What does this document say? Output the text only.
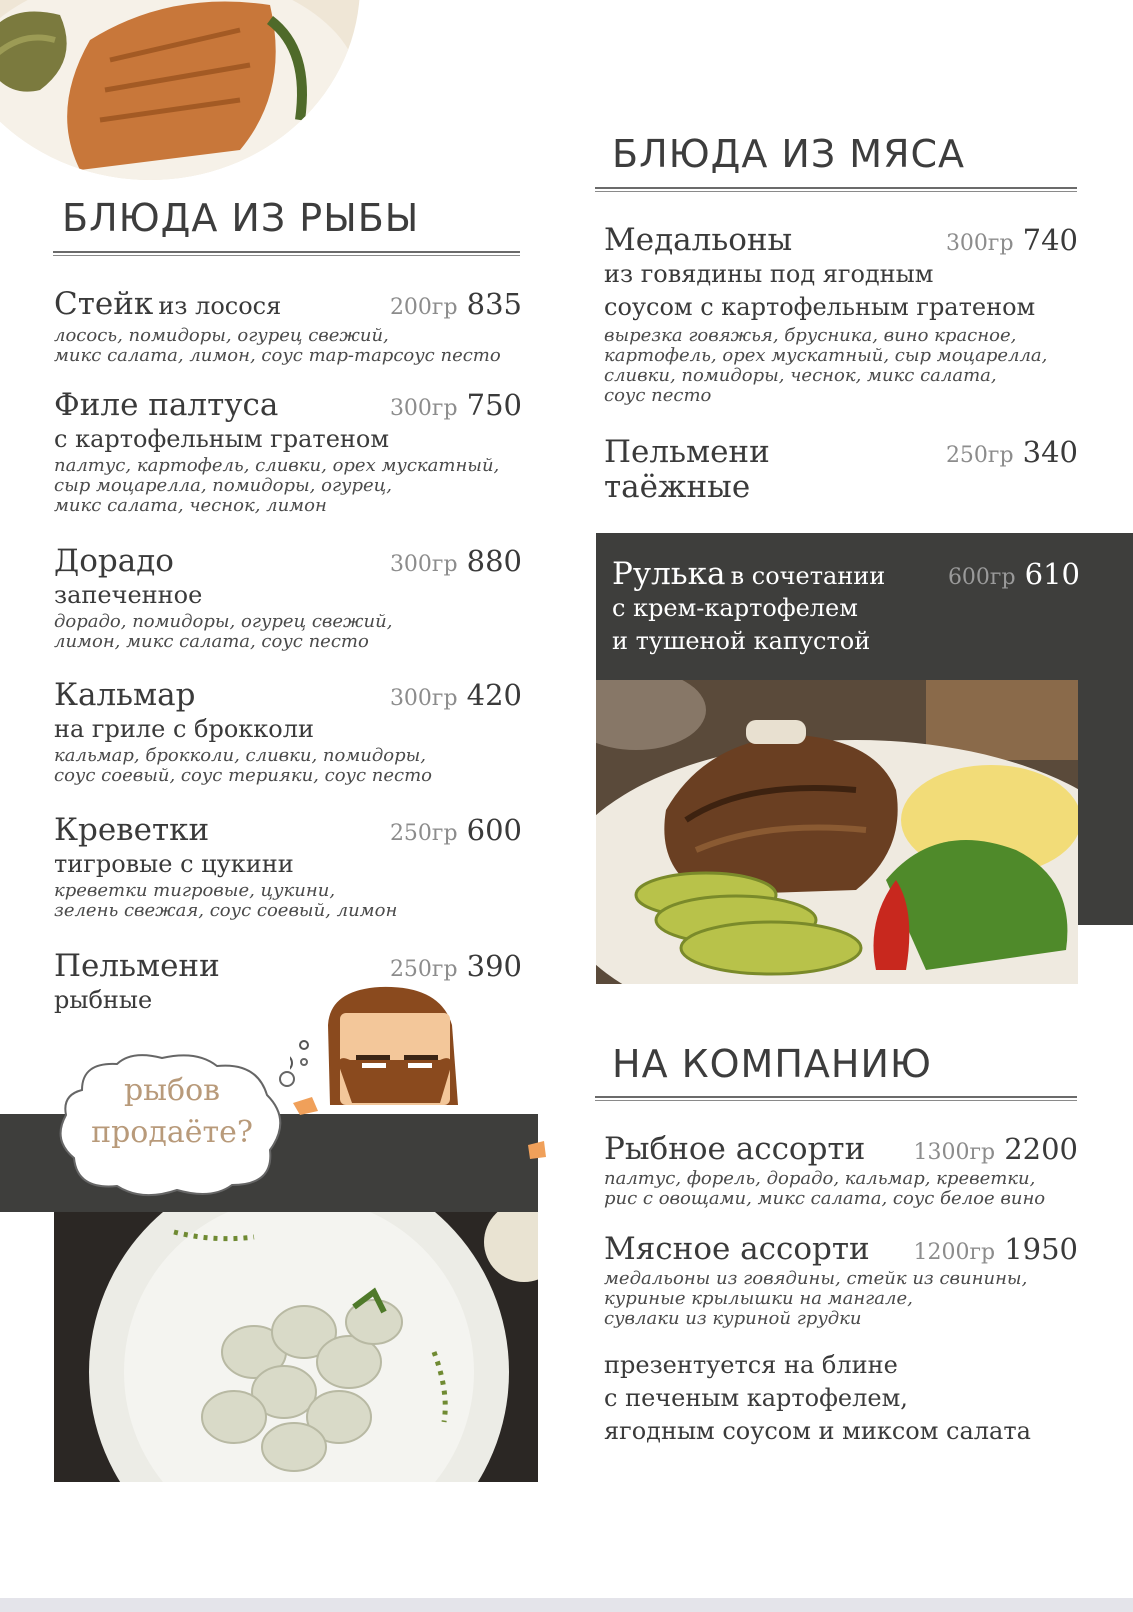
БЛЮДА ИЗ РЫБЫ
Стейк из лосося	200гр 835
лосось, помидоры, огурец свежий,
микс салата, лимон, соус тар-тарсоус песто
Филе палтуса	300гр 750
с картофельным гратеном
палтус, картофель, сливки, орех мускатный,
сыр моцарелла, помидоры, огурец,
микс салата, чеснок, лимон
Дорадо	300гр 880
запеченное
дорадо, помидоры, огурец свежий,
лимон, микс салата, соус песто
Кальмар	300гр 420
на гриле с брокколи
кальмар, брокколи, сливки, помидоры,
соус соевый, соус терияки, соус песто
Креветки	250гр 600
тигровые с цукини
креветки тигровые, цукини,
зелень свежая, соус соевый, лимон
Пельмени	250гр 390
рыбные
рыбов
продаёте?
БЛЮДА ИЗ МЯСА
Медальоны	300гр 740
из говядины под ягодным
соусом с картофельным гратеном
вырезка говяжья, брусника, вино красное,
картофель, орех мускатный, сыр моцарелла,
сливки, помидоры, чеснок, микс салата,
соус песто
Пельмени	250гр 340
таёжные
Рулька в сочетании	600гр 610
с крем-картофелем
и тушеной капустой
НА КОМПАНИЮ
Рыбное ассорти 1300гр 2200
палтус, форель, дорадо, кальмар, креветки,
рис с овощами, микс салата, соус белое вино
Мясное ассорти 1200гр 1950
медальоны из говядины, стейк из свинины,
куриные крылышки на мангале,
сувлаки из куриной грудки
презентуется на блине
с печеным картофелем,
ягодным соусом и миксом салата
